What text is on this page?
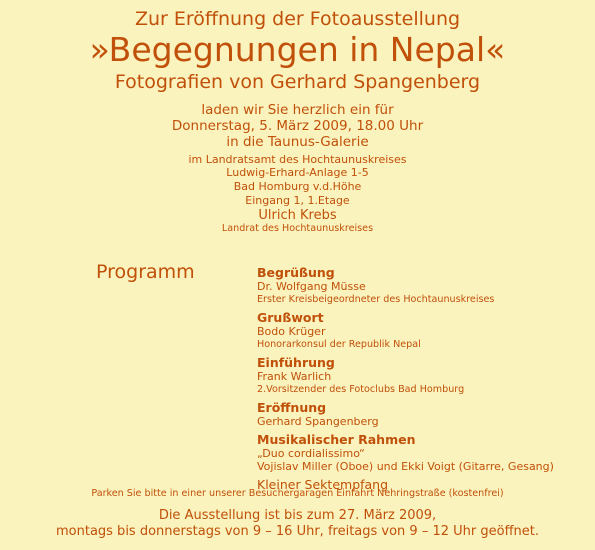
Zur Eröffnung der Fotoausstellung
»Begegnungen in Nepal«
Fotografien von Gerhard Spangenberg
laden wir Sie herzlich ein für
Donnerstag, 5. März 2009, 18.00 Uhr
in die Taunus-Galerie
im Landratsamt des Hochtaunuskreises
Ludwig-Erhard-Anlage 1-5
Bad Homburg v.d.Höhe
Eingang 1, 1.Etage
Ulrich Krebs
Landrat des Hochtaunuskreises
Programm	Begrüßung
Dr. Wolfgang Müsse
Erster Kreisbeigeordneter des Hochtaunuskreises
Grußwort
Bodo Krüger
Honorarkonsul der Republik Nepal
Einführung
Frank Warlich
2.Vorsitzender des Fotoclubs Bad Homburg
Eröffnung
Gerhard Spangenberg
Musikalischer Rahmen
„Duo cordialissimo“
Vojislav Miller (Oboe) und Ekki Voigt (Gitarre, Gesang)
Kleiner Sektempfang
Parken Sie bitte in einer unserer Besuchergaragen Einfahrt Nehringstraße (kostenfrei)
Die Ausstellung ist bis zum 27. März 2009,
montags bis donnerstags von 9 – 16 Uhr, freitags von 9 – 12 Uhr geöffnet.
